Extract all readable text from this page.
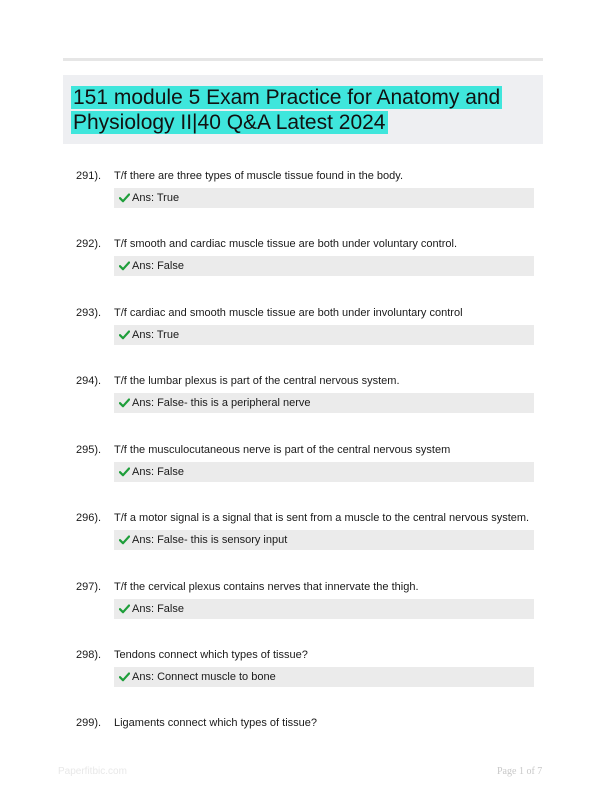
151 module 5 Exam Practice for Anatomy and Physiology II|40 Q&A Latest 2024
291). T/f there are three types of muscle tissue found in the body.
Ans: True
292). T/f smooth and cardiac muscle tissue are both under voluntary control.
Ans: False
293). T/f cardiac and smooth muscle tissue are both under involuntary control
Ans: True
294). T/f the lumbar plexus is part of the central nervous system.
Ans: False- this is a peripheral nerve
295). T/f the musculocutaneous nerve is part of the central nervous system
Ans: False
296). T/f a motor signal is a signal that is sent from a muscle to the central nervous system.
Ans: False- this is sensory input
297). T/f the cervical plexus contains nerves that innervate the thigh.
Ans: False
298). Tendons connect which types of tissue?
Ans: Connect muscle to bone
299). Ligaments connect which types of tissue?
Paperfitbic.com	Page 1 of 7
